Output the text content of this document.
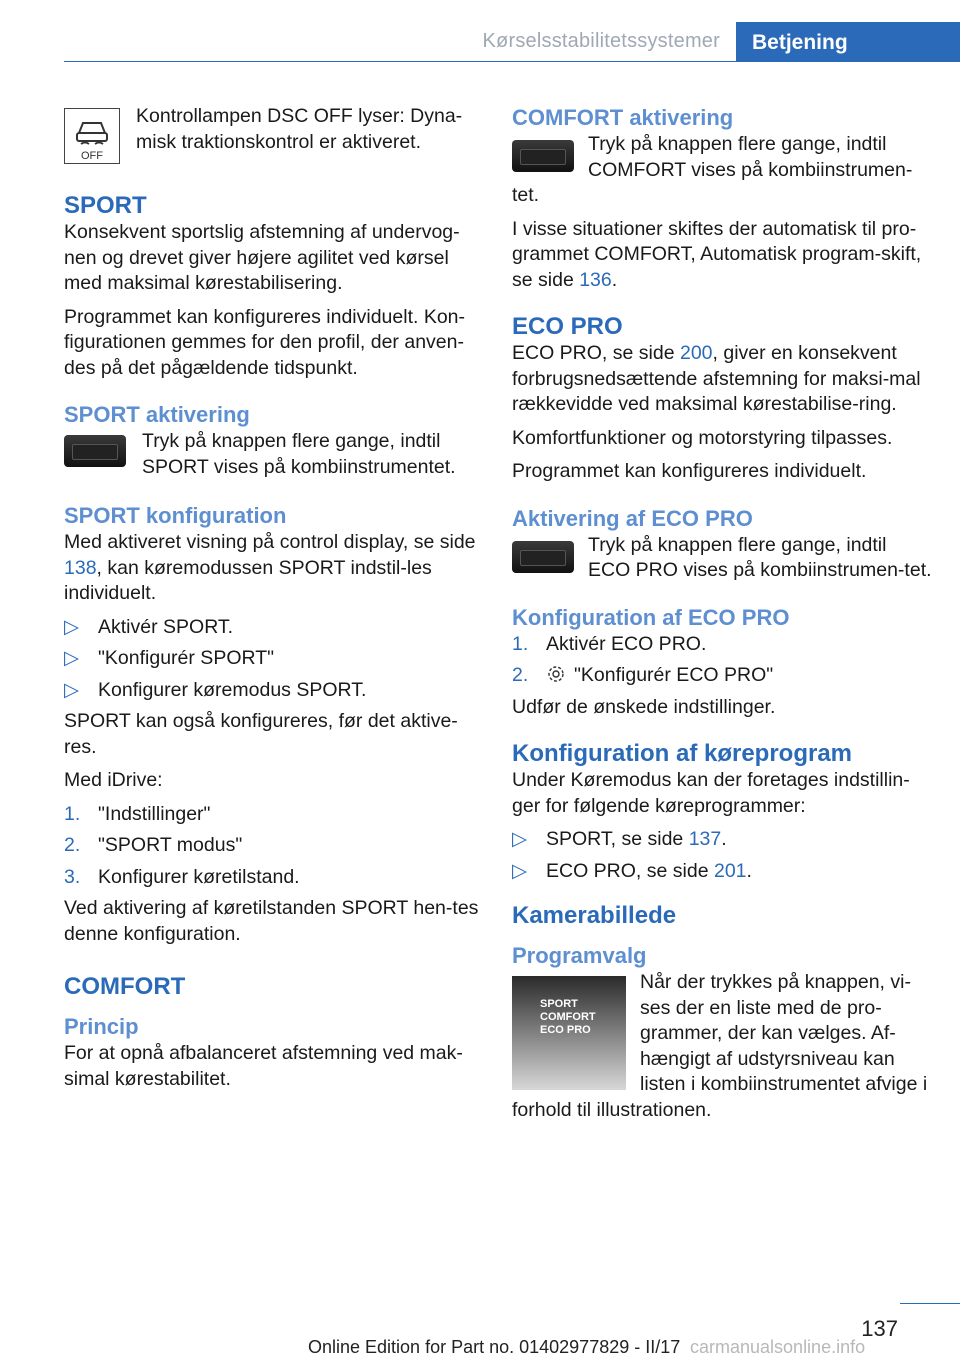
Kørselsstabilitetssystemer	Betjening
OFF
Kontrollampen DSC OFF lyser: Dyna-misk traktionskontrol er aktiveret.
SPORT

Konsekvent sportslig afstemning af undervog-nen og drevet giver højere agilitet ved kørsel med maksimal kørestabilisering.

Programmet kan konfigureres individuelt. Kon-figurationen gemmes for den profil, der anven-des på det pågældende tidspunkt.

SPORT aktivering
Tryk på knappen flere gange, indtil SPORT vises på kombiinstrumentet.
SPORT konfiguration

Med aktiveret visning på control display, se side 138, kan køremodussen SPORT indstil-les individuelt.

▷ Aktivér SPORT.
▷ "Konfigurér SPORT"
▷ Konfigurer køremodus SPORT.

SPORT kan også konfigureres, før det aktive-res.

Med iDrive:

1. "Indstillinger"
2. "SPORT modus"
3. Konfigurer køretilstand.

Ved aktivering af køretilstanden SPORT hen-tes denne konfiguration.

COMFORT
Princip

For at opnå afbalanceret afstemning ved mak-simal kørestabilitet.

COMFORT aktivering

Tryk på knappen flere gange, indtil COMFORT vises på kombiinstrumen-tet.

I visse situationer skiftes der automatisk til pro-grammet COMFORT, Automatisk program-skift, se side 136.

ECO PRO

ECO PRO, se side 200, giver en konsekvent forbrugsnedsættende afstemning for maksi-mal rækkevidde ved maksimal kørestabilise-ring.

Komfortfunktioner og motorstyring tilpasses.

Programmet kan konfigureres individuelt.

Aktivering af ECO PRO

Tryk på knappen flere gange, indtil ECO PRO vises på kombiinstrumen-tet.

Konfiguration af ECO PRO
1. Aktivér ECO PRO.
2. "Konfigurér ECO PRO"

Udfør de ønskede indstillinger.

Konfiguration af køreprogram

Under Køremodus kan der foretages indstillin-ger for følgende køreprogrammer:

▷ SPORT, se side 137.
▷ ECO PRO, se side 201.
Kamerabillede
Programvalg

SPORT
COMFORT
ECO PRO
Når der trykkes på knappen, vi-ses der en liste med de pro-grammer, der kan vælges. Af-hængigt af udstyrsniveau kan listen i kombiinstrumentet afvige i forhold til illustrationen.

137
Online Edition for Part no. 01402977829 - II/17 carmanualsonline.info
